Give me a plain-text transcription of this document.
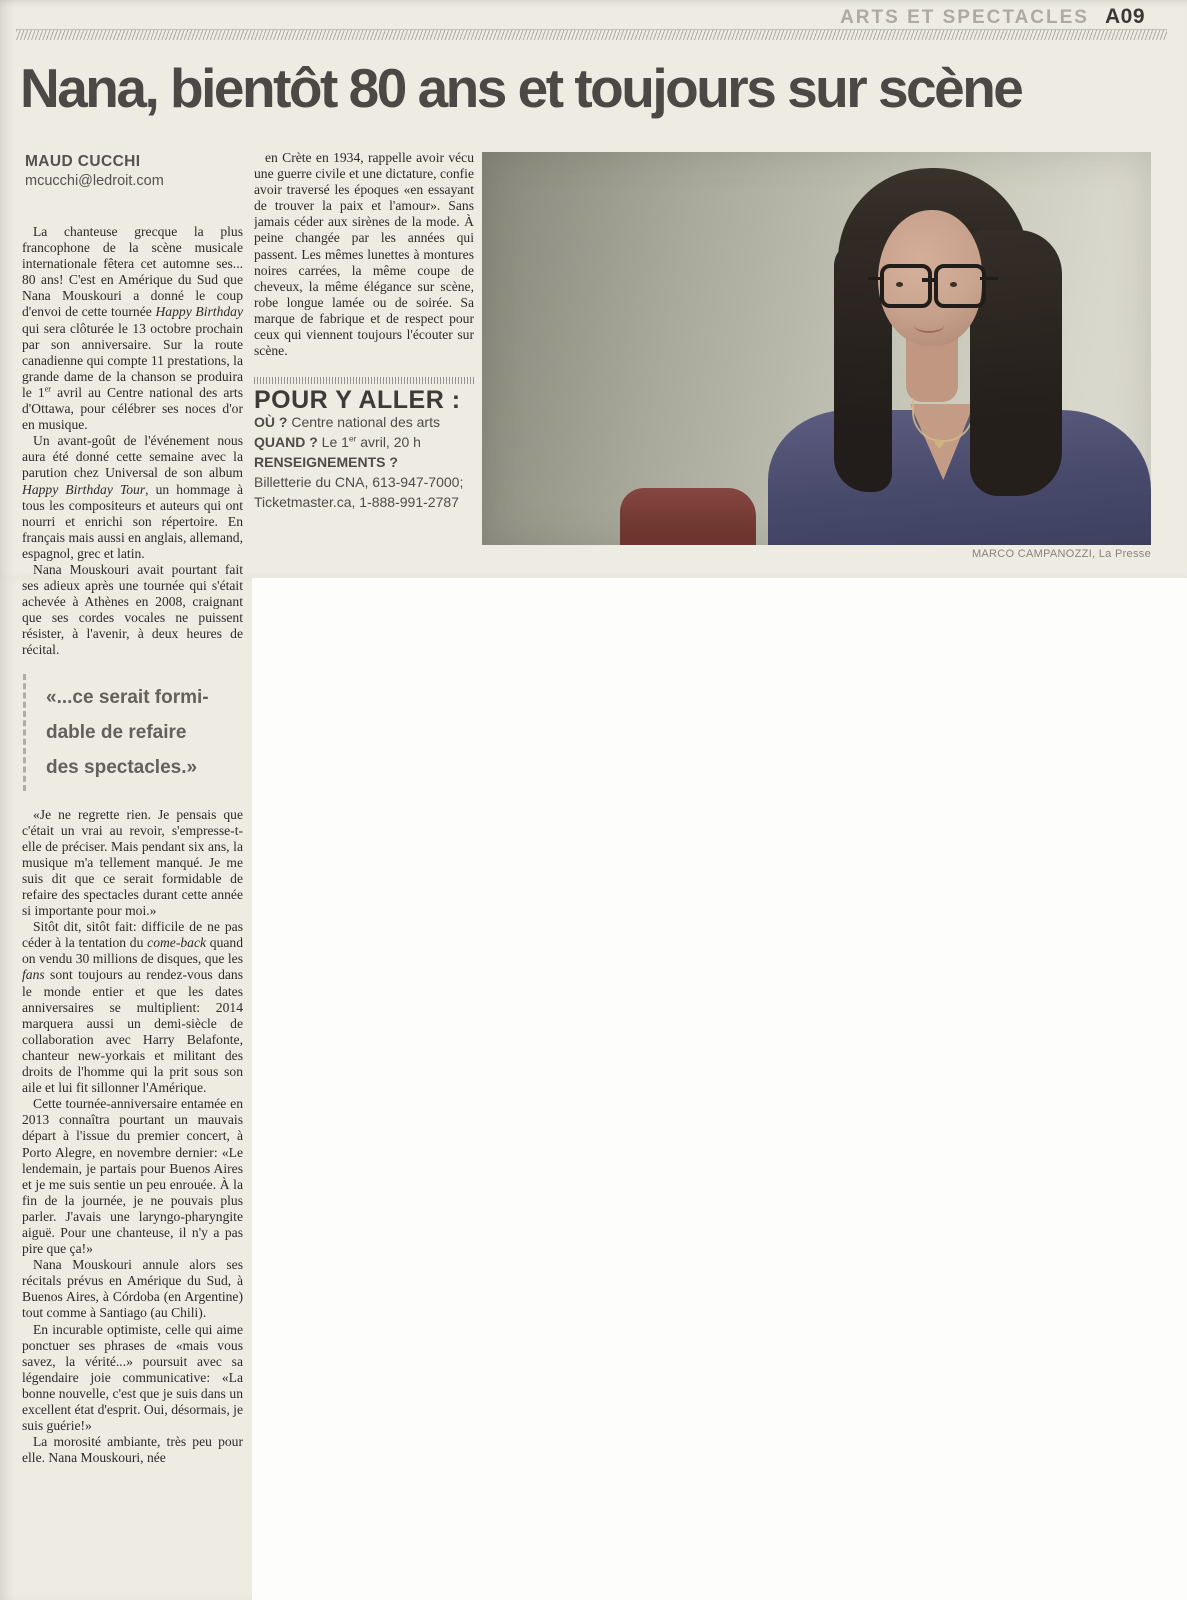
ARTS ET SPECTACLES A09
Nana, bientôt 80 ans et toujours sur scène
MAUD CUCCHI
mcucchi@ledroit.com

La chanteuse grecque la plus francophone de la scène musicale internationale fêtera cet automne ses... 80 ans! C'est en Amérique du Sud que Nana Mouskouri a donné le coup d'envoi de cette tournée Happy Birthday qui sera clôturée le 13 octobre prochain par son anniversaire. Sur la route canadienne qui compte 11 prestations, la grande dame de la chanson se produira le 1er avril au Centre national des arts d'Ottawa, pour célébrer ses noces d'or en musique.

Un avant-goût de l'événement nous aura été donné cette semaine avec la parution chez Universal de son album Happy Birthday Tour, un hommage à tous les compositeurs et auteurs qui ont nourri et enrichi son répertoire. En français mais aussi en anglais, allemand, espagnol, grec et latin.

Nana Mouskouri avait pourtant fait ses adieux après une tournée qui s'était achevée à Athènes en 2008, craignant que ses cordes vocales ne puissent résister, à l'avenir, à deux heures de récital.

«...ce serait formi-
dable de refaire
des spectacles.»

«Je ne regrette rien. Je pensais que c'était un vrai au revoir, s'empresse-t-elle de préciser. Mais pendant six ans, la musique m'a tellement manqué. Je me suis dit que ce serait formidable de refaire des spectacles durant cette année si importante pour moi.»

Sitôt dit, sitôt fait: difficile de ne pas céder à la tentation du come-back quand on vendu 30 millions de disques, que les fans sont toujours au rendez-vous dans le monde entier et que les dates anniversaires se multiplient: 2014 marquera aussi un demi-siècle de collaboration avec Harry Belafonte, chanteur new-yorkais et militant des droits de l'homme qui la prit sous son aile et lui fit sillonner l'Amérique.

Cette tournée-anniversaire entamée en 2013 connaîtra pourtant un mauvais départ à l'issue du premier concert, à Porto Alegre, en novembre dernier: «Le lendemain, je partais pour Buenos Aires et je me suis sentie un peu enrouée. À la fin de la journée, je ne pouvais plus parler. J'avais une laryngo-pharyngite aiguë. Pour une chanteuse, il n'y a pas pire que ça!»

Nana Mouskouri annule alors ses récitals prévus en Amérique du Sud, à Buenos Aires, à Córdoba (en Argentine) tout comme à Santiago (au Chili).

En incurable optimiste, celle qui aime ponctuer ses phrases de «mais vous savez, la vérité...» poursuit avec sa légendaire joie communicative: «La bonne nouvelle, c'est que je suis dans un excellent état d'esprit. Oui, désormais, je suis guérie!»

La morosité ambiante, très peu pour elle. Nana Mouskouri, née

en Crète en 1934, rappelle avoir vécu une guerre civile et une dictature, confie avoir traversé les époques «en essayant de trouver la paix et l'amour». Sans jamais céder aux sirènes de la mode. À peine changée par les années qui passent. Les mêmes lunettes à montures noires carrées, la même coupe de cheveux, la même élégance sur scène, robe longue lamée ou de soirée. Sa marque de fabrique et de respect pour ceux qui viennent toujours l'écouter sur scène.

POUR Y ALLER :
OÙ ? Centre national des arts
QUAND ? Le 1er avril, 20 h
RENSEIGNEMENTS ?
Billetterie du CNA, 613-947-7000; Ticketmaster.ca, 1-888-991-2787
♥
MARCO CAMPANOZZI, La Presse
